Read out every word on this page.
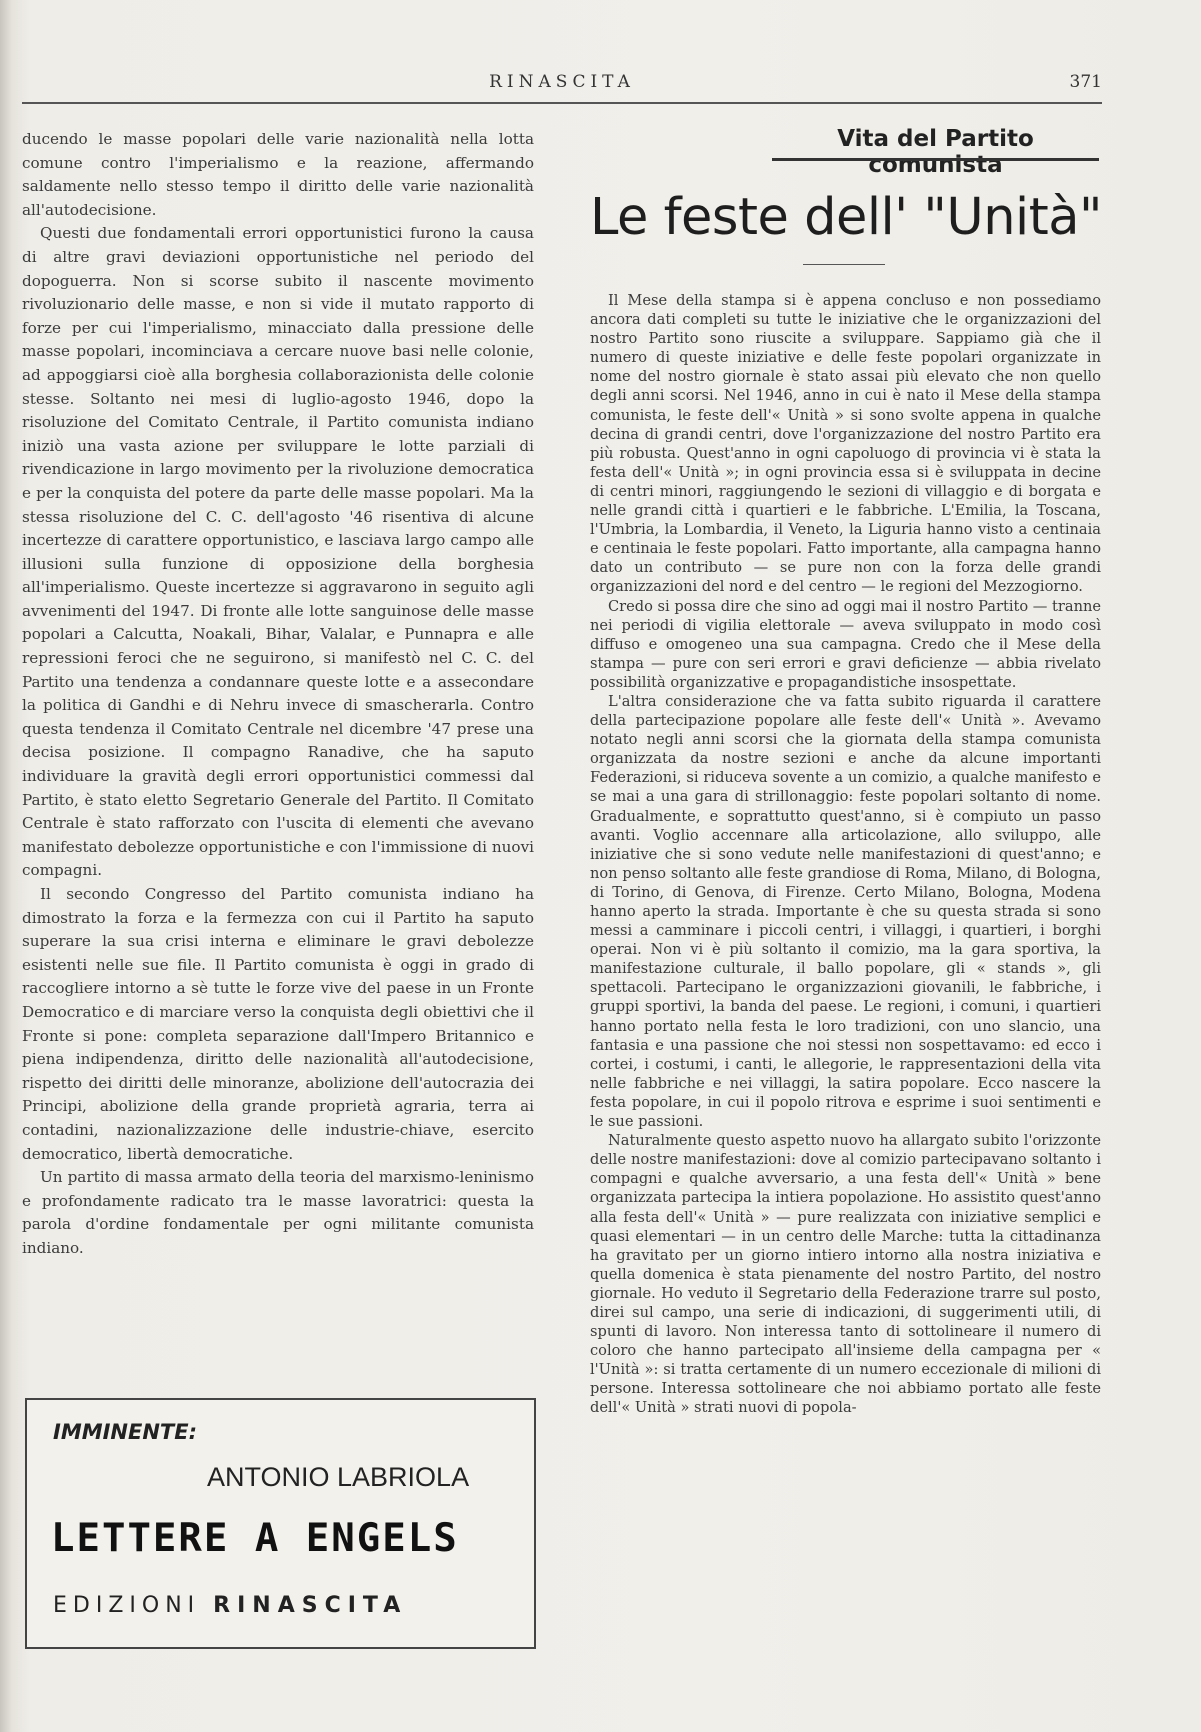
RINASCITA	371

ducendo le masse popolari delle varie nazionalità nella lotta comune contro l'imperialismo e la reazione, affermando saldamente nello stesso tempo il diritto delle varie nazionalità all'autodecisione.

Questi due fondamentali errori opportunistici furono la causa di altre gravi deviazioni opportunistiche nel periodo del dopoguerra. Non si scorse subito il nascente movimento rivoluzionario delle masse, e non si vide il mutato rapporto di forze per cui l'imperialismo, minacciato dalla pressione delle masse popolari, incominciava a cercare nuove basi nelle colonie, ad appoggiarsi cioè alla borghesia collaborazionista delle colonie stesse. Soltanto nei mesi di luglio-agosto 1946, dopo la risoluzione del Comitato Centrale, il Partito comunista indiano iniziò una vasta azione per sviluppare le lotte parziali di rivendicazione in largo movimento per la rivoluzione democratica e per la conquista del potere da parte delle masse popolari. Ma la stessa risoluzione del C. C. dell'agosto '46 risentiva di alcune incertezze di carattere opportunistico, e lasciava largo campo alle illusioni sulla funzione di opposizione della borghesia all'imperialismo. Queste incertezze si aggravarono in seguito agli avvenimenti del 1947. Di fronte alle lotte sanguinose delle masse popolari a Calcutta, Noakali, Bihar, Valalar, e Punnapra e alle repressioni feroci che ne seguirono, si manifestò nel C. C. del Partito una tendenza a condannare queste lotte e a assecondare la politica di Gandhi e di Nehru invece di smascherarla. Contro questa tendenza il Comitato Centrale nel dicembre '47 prese una decisa posizione. Il compagno Ranadive, che ha saputo individuare la gravità degli errori opportunistici commessi dal Partito, è stato eletto Segretario Generale del Partito. Il Comitato Centrale è stato rafforzato con l'uscita di elementi che avevano manifestato debolezze opportunistiche e con l'immissione di nuovi compagni.

Il secondo Congresso del Partito comunista indiano ha dimostrato la forza e la fermezza con cui il Partito ha saputo superare la sua crisi interna e eliminare le gravi debolezze esistenti nelle sue file. Il Partito comunista è oggi in grado di raccogliere intorno a sè tutte le forze vive del paese in un Fronte Democratico e di marciare verso la conquista degli obiettivi che il Fronte si pone: completa separazione dall'Impero Britannico e piena indipendenza, diritto delle nazionalità all'autodecisione, rispetto dei diritti delle minoranze, abolizione dell'autocrazia dei Principi, abolizione della grande proprietà agraria, terra ai contadini, nazionalizzazione delle industrie-chiave, esercito democratico, libertà democratiche.

Un partito di massa armato della teoria del marxismo-leninismo e profondamente radicato tra le masse lavoratrici: questa la parola d'ordine fondamentale per ogni militante comunista indiano.

IMMINENTE:
ANTONIO LABRIOLA
LETTERE A ENGELS
EDIZIONI RINASCITA
Vita del Partito comunista
Le feste dell' "Unità"

Il Mese della stampa si è appena concluso e non possediamo ancora dati completi su tutte le iniziative che le organizzazioni del nostro Partito sono riuscite a sviluppare. Sappiamo già che il numero di queste iniziative e delle feste popolari organizzate in nome del nostro giornale è stato assai più elevato che non quello degli anni scorsi. Nel 1946, anno in cui è nato il Mese della stampa comunista, le feste dell'« Unità » si sono svolte appena in qualche decina di grandi centri, dove l'organizzazione del nostro Partito era più robusta. Quest'anno in ogni capoluogo di provincia vi è stata la festa dell'« Unità »; in ogni provincia essa si è sviluppata in decine di centri minori, raggiungendo le sezioni di villaggio e di borgata e nelle grandi città i quartieri e le fabbriche. L'Emilia, la Toscana, l'Umbria, la Lombardia, il Veneto, la Liguria hanno visto a centinaia e centinaia le feste popolari. Fatto importante, alla campagna hanno dato un contributo — se pure non con la forza delle grandi organizzazioni del nord e del centro — le regioni del Mezzogiorno.

Credo si possa dire che sino ad oggi mai il nostro Partito — tranne nei periodi di vigilia elettorale — aveva sviluppato in modo così diffuso e omogeneo una sua campagna. Credo che il Mese della stampa — pure con seri errori e gravi deficienze — abbia rivelato possibilità organizzative e propagandistiche insospettate.

L'altra considerazione che va fatta subito riguarda il carattere della partecipazione popolare alle feste dell'« Unità ». Avevamo notato negli anni scorsi che la giornata della stampa comunista organizzata da nostre sezioni e anche da alcune importanti Federazioni, si riduceva sovente a un comizio, a qualche manifesto e se mai a una gara di strillonaggio: feste popolari soltanto di nome. Gradualmente, e soprattutto quest'anno, si è compiuto un passo avanti. Voglio accennare alla articolazione, allo sviluppo, alle iniziative che si sono vedute nelle manifestazioni di quest'anno; e non penso soltanto alle feste grandiose di Roma, Milano, di Bologna, di Torino, di Genova, di Firenze. Certo Milano, Bologna, Modena hanno aperto la strada. Importante è che su questa strada si sono messi a camminare i piccoli centri, i villaggi, i quartieri, i borghi operai. Non vi è più soltanto il comizio, ma la gara sportiva, la manifestazione culturale, il ballo popolare, gli « stands », gli spettacoli. Partecipano le organizzazioni giovanili, le fabbriche, i gruppi sportivi, la banda del paese. Le regioni, i comuni, i quartieri hanno portato nella festa le loro tradizioni, con uno slancio, una fantasia e una passione che noi stessi non sospettavamo: ed ecco i cortei, i costumi, i canti, le allegorie, le rappresentazioni della vita nelle fabbriche e nei villaggi, la satira popolare. Ecco nascere la festa popolare, in cui il popolo ritrova e esprime i suoi sentimenti e le sue passioni.

Naturalmente questo aspetto nuovo ha allargato subito l'orizzonte delle nostre manifestazioni: dove al comizio partecipavano soltanto i compagni e qualche avversario, a una festa dell'« Unità » bene organizzata partecipa la intiera popolazione. Ho assistito quest'anno alla festa dell'« Unità » — pure realizzata con iniziative semplici e quasi elementari — in un centro delle Marche: tutta la cittadinanza ha gravitato per un giorno intiero intorno alla nostra iniziativa e quella domenica è stata pienamente del nostro Partito, del nostro giornale. Ho veduto il Segretario della Federazione trarre sul posto, direi sul campo, una serie di indicazioni, di suggerimenti utili, di spunti di lavoro. Non interessa tanto di sottolineare il numero di coloro che hanno partecipato all'insieme della campagna per « l'Unità »: si tratta certamente di un numero eccezionale di milioni di persone. Interessa sottolineare che noi abbiamo portato alle feste dell'« Unità » strati nuovi di popola-
